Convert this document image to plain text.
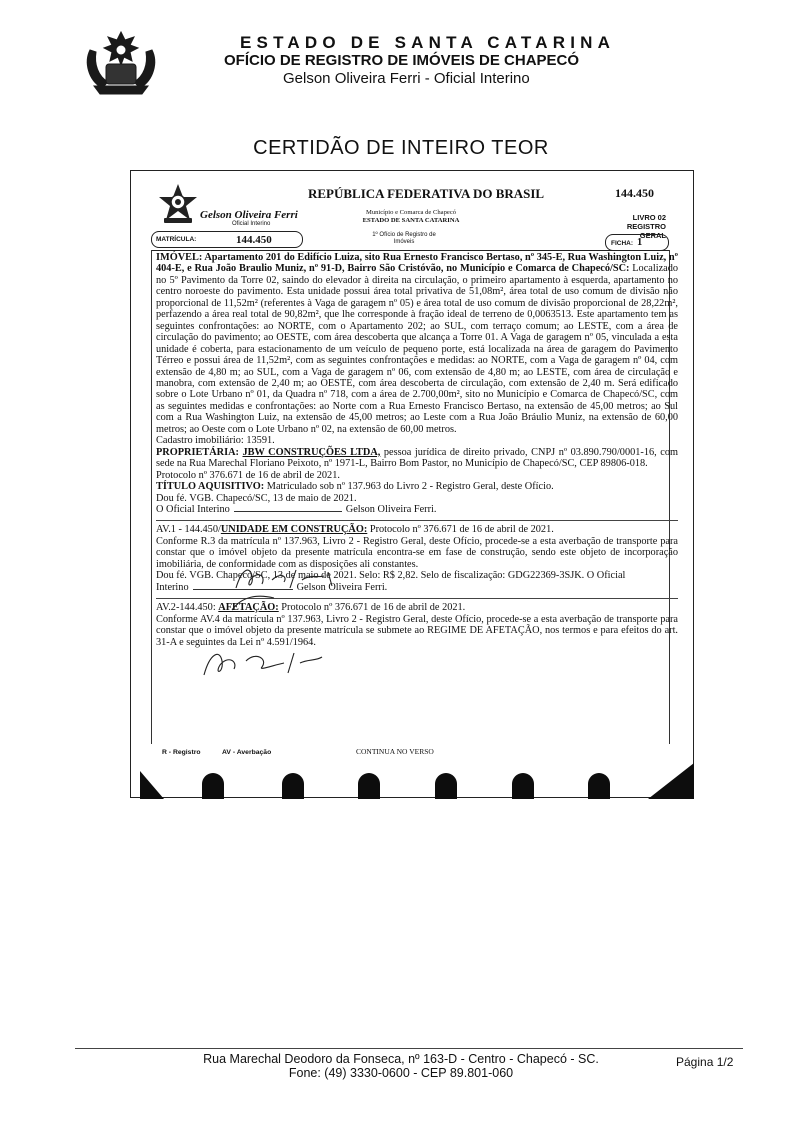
ESTADO DE SANTA CATARINA
OFÍCIO DE REGISTRO DE IMÓVEIS DE CHAPECÓ
Gelson Oliveira Ferri - Oficial Interino
CERTIDÃO DE INTEIRO TEOR
REPÚBLICA FEDERATIVA DO BRASIL	144.450
Gelson Oliveira Ferri
Oficial Interino
Município e Comarca de Chapecó
ESTADO DE SANTA CATARINA
1º Ofício de Registro de Imóveis
LIVRO 02
REGISTRO GERAL
MATRÍCULA:	144.450	FICHA: 1

IMÓVEL: Apartamento 201 do Edifício Luiza, sito Rua Ernesto Francisco Bertaso, nº 345-E, Rua Washington Luiz, nº 404-E, e Rua João Braulio Muniz, nº 91-D, Bairro São Cristóvão, no Município e Comarca de Chapecó/SC: Localizado no 5º Pavimento da Torre 02, saindo do elevador à direita na circulação, o primeiro apartamento à esquerda, apartamento no centro noroeste do pavimento. Esta unidade possui área total privativa de 51,08m², área total de uso comum de divisão não proporcional de 11,52m² (referentes à Vaga de garagem nº 05) e área total de uso comum de divisão proporcional de 28,22m², perfazendo a área real total de 90,82m², que lhe corresponde à fração ideal de terreno de 0,0063513. Este apartamento tem as seguintes confrontações: ao NORTE, com o Apartamento 202; ao SUL, com terraço comum; ao LESTE, com a área de circulação do pavimento; ao OESTE, com área descoberta que alcança a Torre 01. A Vaga de garagem nº 05, vinculada a esta unidade é coberta, para estacionamento de um veículo de pequeno porte, está localizada na área de garagem do Pavimento Térreo e possui área de 11,52m², com as seguintes confrontações e medidas: ao NORTE, com a Vaga de garagem nº 04, com extensão de 4,80 m; ao SUL, com a Vaga de garagem nº 06, com extensão de 4,80 m; ao LESTE, com área de circulação e manobra, com extensão de 2,40 m; ao OESTE, com área descoberta de circulação, com extensão de 2,40 m. Será edificado sobre o Lote Urbano nº 01, da Quadra nº 718, com a área de 2.700,00m², sito no Município e Comarca de Chapecó/SC, com as seguintes medidas e confrontações: ao Norte com a Rua Ernesto Francisco Bertaso, na extensão de 45,00 metros; ao Sul com a Rua Washington Luiz, na extensão de 45,00 metros; ao Leste com a Rua João Bráulio Muniz, na extensão de 60,00 metros; ao Oeste com o Lote Urbano nº 02, na extensão de 60,00 metros.

Cadastro imobiliário: 13591.

PROPRIETÁRIA: JBW CONSTRUÇÕES LTDA, pessoa jurídica de direito privado, CNPJ nº 03.890.790/0001-16, com sede na Rua Marechal Floriano Peixoto, nº 1971-L, Bairro Bom Pastor, no Município de Chapecó/SC, CEP 89806-018.

Protocolo nº 376.671 de 16 de abril de 2021.

TÍTULO AQUISITIVO: Matriculado sob nº 137.963 do Livro 2 - Registro Geral, deste Ofício.

Dou fé. VGB. Chapecó/SC, 13 de maio de 2021.

O Oficial Interino	Gelson Oliveira Ferri.

AV.1 - 144.450/UNIDADE EM CONSTRUÇÃO: Protocolo nº 376.671 de 16 de abril de 2021.

Conforme R.3 da matrícula nº 137.963, Livro 2 - Registro Geral, deste Ofício, procede-se a esta averbação de transporte para constar que o imóvel objeto da presente matrícula encontra-se em fase de construção, sendo este objeto de incorporação imobiliária, de conformidade com as disposições ali constantes.

Dou fé. VGB. Chapecó/SC, 13 de maio de 2021. Selo: R$ 2,82. Selo de fiscalização: GDG22369-3SJK. O Oficial

Interino	Gelson Oliveira Ferri.

AV.2-144.450: AFETAÇÃO: Protocolo nº 376.671 de 16 de abril de 2021.

Conforme AV.4 da matrícula nº 137.963, Livro 2 - Registro Geral, deste Ofício, procede-se a esta averbação de transporte para constar que o imóvel objeto da presente matrícula se submete ao REGIME DE AFETAÇÃO, nos termos e para efeitos do art. 31-A e seguintes da Lei nº 4.591/1964.

R - Registro	AV - Averbação	CONTINUA NO VERSO
Rua Marechal Deodoro da Fonseca, nº 163-D - Centro - Chapecó - SC.
Fone: (49) 3330-0600 - CEP 89.801-060
Página 1/2
